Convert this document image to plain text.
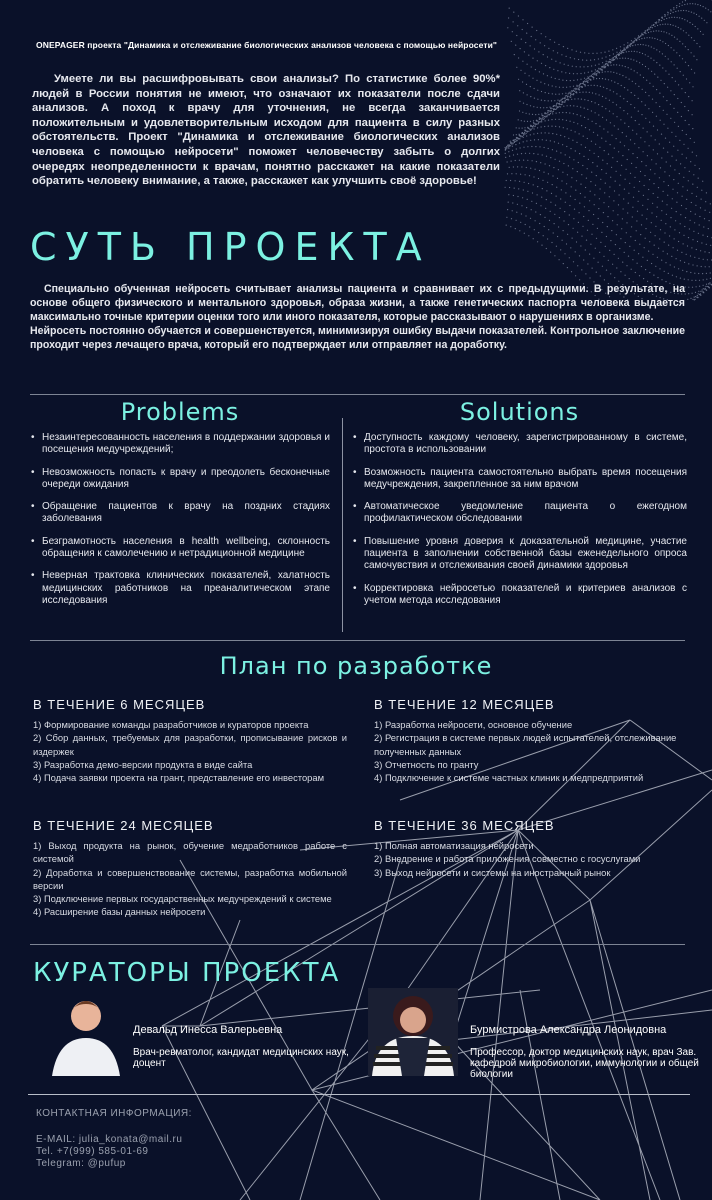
ONEPAGER проекта "Динамика и отслеживание биологических анализов человека с помощью нейросети"
Умеете ли вы расшифровывать свои анализы? По статистике более 90%* людей в России понятия не имеют, что означают их показатели после сдачи анализов. А поход к врачу для уточнения, не всегда заканчивается положительным и удовлетворительным исходом для пациента в силу разных обстоятельств. Проект "Динамика и отслеживание биологических анализов человека с помощью нейросети" поможет человечеству забыть о долгих очередях неопределенности к врачам, понятно расскажет на какие показатели обратить человеку внимание, а также, расскажет как улучшить своё здоровье!
СУТЬ ПРОЕКТА

Специально обученная нейросеть считывает анализы пациента и сравнивает их с предыдущими. В результате, на основе общего физического и ментального здоровья, образа жизни, а также генетических паспорта человека выдается максимально точные критерии оценки того или иного показателя, которые рассказывают о нарушениях в организме.

Нейросеть постоянно обучается и совершенствуется, минимизируя ошибку выдачи показателей. Контрольное заключение проходит через лечащего врача, который его подтверждает или отправляет на доработку.

Problems
• Незаинтересованность населения в поддержании здоровья и посещения медучреждений;
• Невозможность попасть к врачу и преодолеть бесконечные очереди ожидания
• Обращение пациентов к врачу на поздних стадиях заболевания
• Безграмотность населения в health wellbeing, склонность обращения к самолечению и нетрадиционной медицине
• Неверная трактовка клинических показателей, халатность медицинских работников на преаналитическом этапе исследования
Solutions
• Доступность каждому человеку, зарегистрированному в системе, простота в использовании
• Возможность пациента самостоятельно выбрать время посещения медучреждения, закрепленное за ним врачом
• Автоматическое уведомление пациента о ежегодном профилактическом обследовании
• Повышение уровня доверия к доказательной медицине, участие пациента в заполнении собственной базы еженедельного опроса самочувствия и отслеживания своей динамики здоровья
• Корректировка нейросетью показателей и критериев анализов с учетом метода исследования
План по разработке
В ТЕЧЕНИЕ 6 МЕСЯЦЕВ
1) Формирование команды разработчиков и кураторов проекта
2) Сбор данных, требуемых для разработки, прописывание рисков и издержек
3) Разработка демо-версии продукта в виде сайта
4) Подача заявки проекта на грант, представление его инвесторам
В ТЕЧЕНИЕ 12 МЕСЯЦЕВ
1) Разработка нейросети, основное обучение
2) Регистрация в системе первых людей испытателей, отслеживание полученных данных
3) Отчетность по гранту
4) Подключение к системе частных клиник и медпредприятий
В ТЕЧЕНИЕ 24 МЕСЯЦЕВ
1) Выход продукта на рынок, обучение медработников работе с системой
2) Доработка и совершенствование системы, разработка мобильной версии
3) Подключение первых государственных медучреждений к системе
4) Расширение базы данных нейросети
В ТЕЧЕНИЕ 36 МЕСЯЦЕВ
1) Полная автоматизация нейросети
2) Внедрение и работа приложения совместно с госуслугами
3) Выход нейросети и системы на иностранный рынок
КУРАТОРЫ ПРОЕКТА
Девальд Инесса Валерьевна
Врач-ревматолог, кандидат медицинских наук, доцент
Бурмистрова Александра Леонидовна
Профессор, доктор медицинских наук, врач Зав. кафедрой микробиологии, иммунологии и общей биологии
КОНТАКТНАЯ ИНФОРМАЦИЯ:
E-MAIL: julia_konata@mail.ru
Tel. +7(999) 585-01-69
Telegram: @pufup
